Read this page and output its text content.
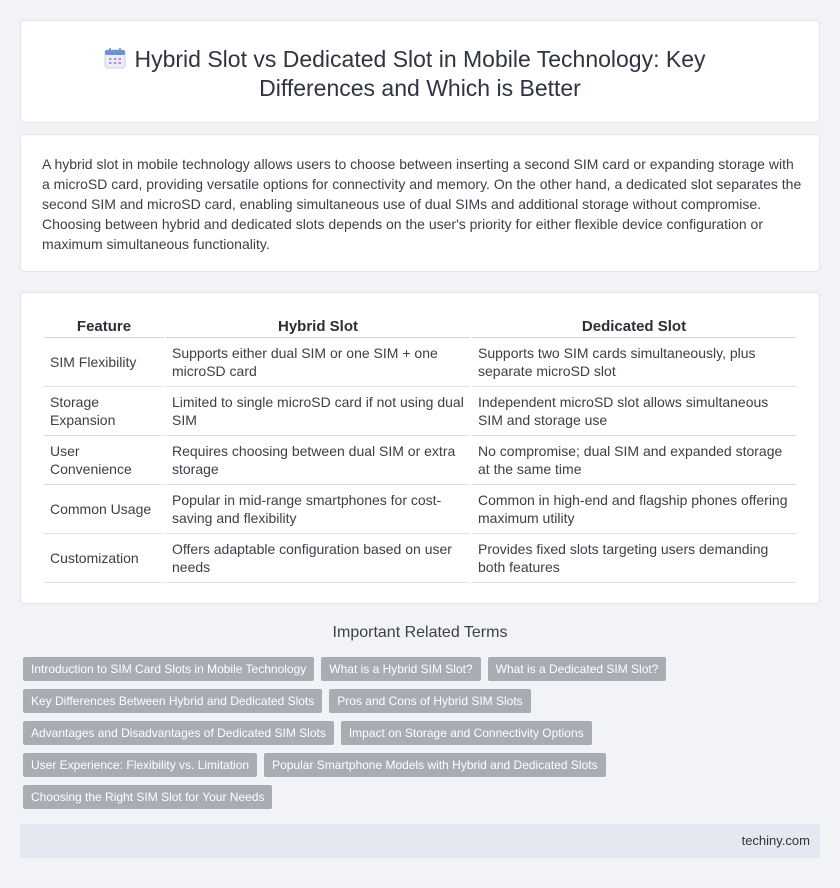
Hybrid Slot vs Dedicated Slot in Mobile Technology: Key Differences and Which is Better

A hybrid slot in mobile technology allows users to choose between inserting a second SIM card or expanding storage with a microSD card, providing versatile options for connectivity and memory. On the other hand, a dedicated slot separates the second SIM and microSD card, enabling simultaneous use of dual SIMs and additional storage without compromise. Choosing between hybrid and dedicated slots depends on the user's priority for either flexible device configuration or maximum simultaneous functionality.

Feature	Hybrid Slot	Dedicated Slot
SIM Flexibility	Supports either dual SIM or one SIM + one microSD card	Supports two SIM cards simultaneously, plus separate microSD slot
Storage Expansion	Limited to single microSD card if not using dual SIM	Independent microSD slot allows simultaneous SIM and storage use
User Convenience	Requires choosing between dual SIM or extra storage	No compromise; dual SIM and expanded storage at the same time
Common Usage	Popular in mid-range smartphones for cost-saving and flexibility	Common in high-end and flagship phones offering maximum utility
Customization	Offers adaptable configuration based on user needs	Provides fixed slots targeting users demanding both features
Important Related Terms
Introduction to SIM Card Slots in Mobile Technology	What is a Hybrid SIM Slot?	What is a Dedicated SIM Slot?
Key Differences Between Hybrid and Dedicated Slots	Pros and Cons of Hybrid SIM Slots
Advantages and Disadvantages of Dedicated SIM Slots	Impact on Storage and Connectivity Options
User Experience: Flexibility vs. Limitation	Popular Smartphone Models with Hybrid and Dedicated Slots
Choosing the Right SIM Slot for Your Needs
techiny.com
